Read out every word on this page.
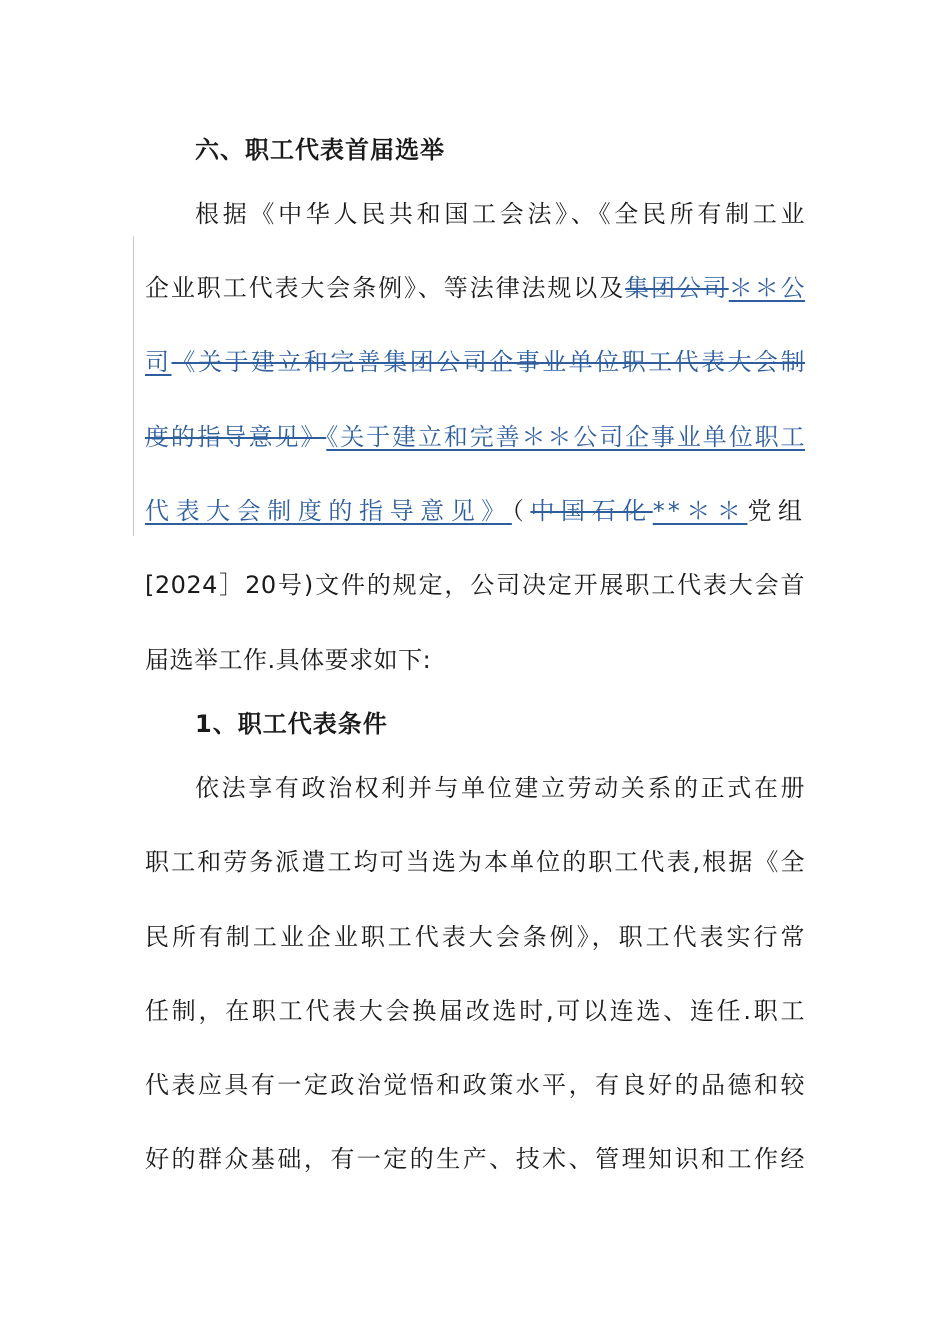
六、职工代表首届选举
根据《中华人民共和国工会法》、《全民所有制工业
企业职工代表大会条例》、等法律法规以及集团公司＊＊公
司《关于建立和完善集团公司企事业单位职工代表大会制
度的指导意见》《关于建立和完善＊＊公司企事业单位职工
代表大会制度的指导意见》（中国石化**＊＊党组
[2024］20号)文件的规定，公司决定开展职工代表大会首
届选举工作.具体要求如下:
1、职工代表条件
依法享有政治权利并与单位建立劳动关系的正式在册
职工和劳务派遣工均可当选为本单位的职工代表,根据《全
民所有制工业企业职工代表大会条例》，职工代表实行常
任制，在职工代表大会换届改选时,可以连选、连任.职工
代表应具有一定政治觉悟和政策水平，有良好的品德和较
好的群众基础，有一定的生产、技术、管理知识和工作经
